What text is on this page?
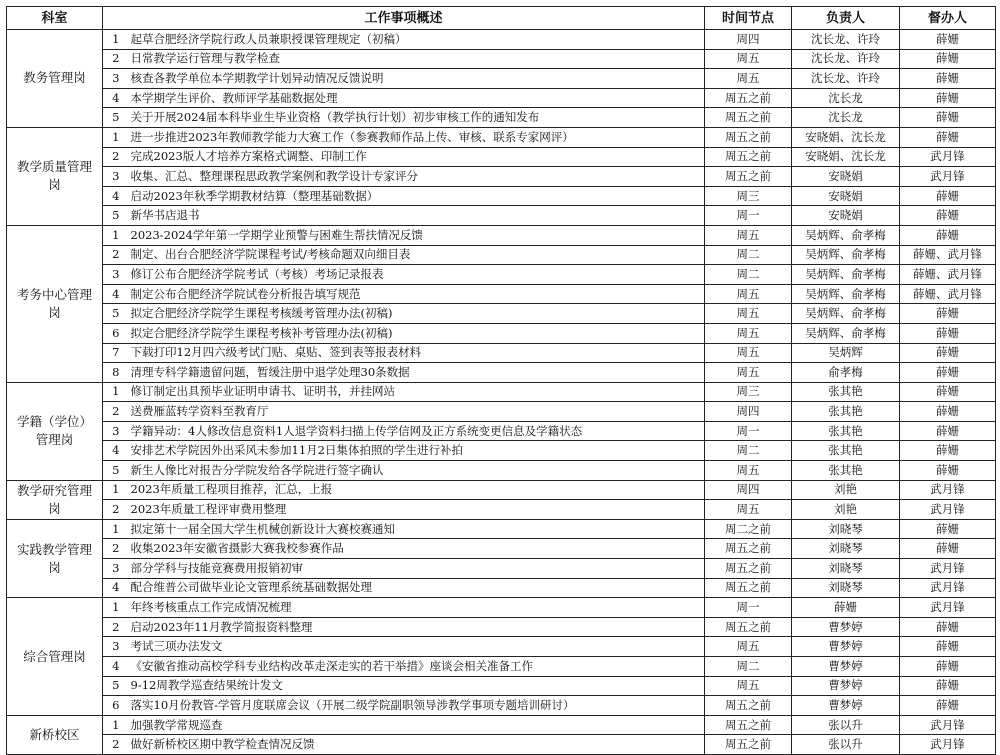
科室	工作事项概述		时间节点	负责人	督办人
教务管理岗	1	起草合肥经济学院行政人员兼职授课管理规定（初稿）	周四	沈长龙、许玲	薛姗
	2	日常教学运行管理与教学检查	周五	沈长龙、许玲	薛姗
	3	核查各教学单位本学期教学计划异动情况反馈说明	周五	沈长龙、许玲	薛姗
	4	本学期学生评价、教师评学基础数据处理	周五之前	沈长龙	薛姗
	5	关于开展2024届本科毕业生毕业资格（教学执行计划）初步审核工作的通知发布	周五之前	沈长龙	薛姗
教学质量管理岗	1	进一步推进2023年教师教学能力大赛工作（参赛教师作品上传、审核、联系专家网评）	周五之前	安晓娟、沈长龙	薛姗
	2	完成2023版人才培养方案格式调整、印制工作	周五之前	安晓娟、沈长龙	武月锋
	3	收集、汇总、整理课程思政教学案例和教学设计专家评分	周五之前	安晓娟	武月锋
	4	启动2023年秋季学期教材结算（整理基础数据）	周三	安晓娟	薛姗
	5	新华书店退书	周一	安晓娟	薛姗
考务中心管理岗	1	2023-2024学年第一学期学业预警与困难生帮扶情况反馈	周五	吴炳辉、俞孝梅	薛姗
	2	制定、出台合肥经济学院课程考试/考核命题双向细目表	周二	吴炳辉、俞孝梅	薛姗、武月锋
	3	修订公布合肥经济学院考试（考核）考场记录报表	周二	吴炳辉、俞孝梅	薛姗、武月锋
	4	制定公布合肥经济学院试卷分析报告填写规范	周五	吴炳辉、俞孝梅	薛姗、武月锋
	5	拟定合肥经济学院学生课程考核缓考管理办法(初稿)	周五	吴炳辉、俞孝梅	薛姗
	6	拟定合肥经济学院学生课程考核补考管理办法(初稿)	周五	吴炳辉、俞孝梅	薛姗
	7	下载打印12月四六级考试门贴、桌贴、签到表等报表材料	周五	吴炳辉	薛姗
	8	清理专科学籍遗留问题，暂缓注册中退学处理30条数据	周五	俞孝梅	薛姗
学籍（学位）管理岗	1	修订制定出具预毕业证明申请书、证明书，并挂网站	周三	张其艳	薛姗
	2	送费雁蓝转学资料至教育厅	周四	张其艳	薛姗
	3	学籍异动：4人修改信息资料1人退学资料扫描上传学信网及正方系统变更信息及学籍状态	周一	张其艳	薛姗
	4	安排艺术学院因外出采风未参加11月2日集体拍照的学生进行补拍	周二	张其艳	薛姗
	5	新生人像比对报告分学院发给各学院进行签字确认	周五	张其艳	薛姗
教学研究管理岗	1	2023年质量工程项目推荐，汇总，上报	周四	刘艳	武月锋
	2	2023年质量工程评审费用整理	周五	刘艳	武月锋
实践教学管理岗	1	拟定第十一届全国大学生机械创新设计大赛校赛通知	周二之前	刘晓琴	薛姗
	2	收集2023年安徽省摄影大赛我校参赛作品	周五之前	刘晓琴	薛姗
	3	部分学科与技能竞赛费用报销初审	周五之前	刘晓琴	武月锋
	4	配合维普公司做毕业论文管理系统基础数据处理	周五之前	刘晓琴	武月锋
综合管理岗	1	年终考核重点工作完成情况梳理	周一	薛姗	武月锋
	2	启动2023年11月教学简报资料整理	周五之前	曹梦婷	薛姗
	3	考试三项办法发文	周五	曹梦婷	薛姗
	4	《安徽省推动高校学科专业结构改革走深走实的若干举措》座谈会相关准备工作	周二	曹梦婷	薛姗
	5	9-12周教学巡查结果统计发文	周五	曹梦婷	薛姗
	6	落实10月份教管-学管月度联席会议（开展二级学院副职领导涉教学事项专题培训研讨）	周五之前	曹梦婷	薛姗
新桥校区	1	加强教学常规巡查	周五之前	张以升	武月锋
	2	做好新桥校区期中教学检查情况反馈	周五之前	张以升	武月锋
